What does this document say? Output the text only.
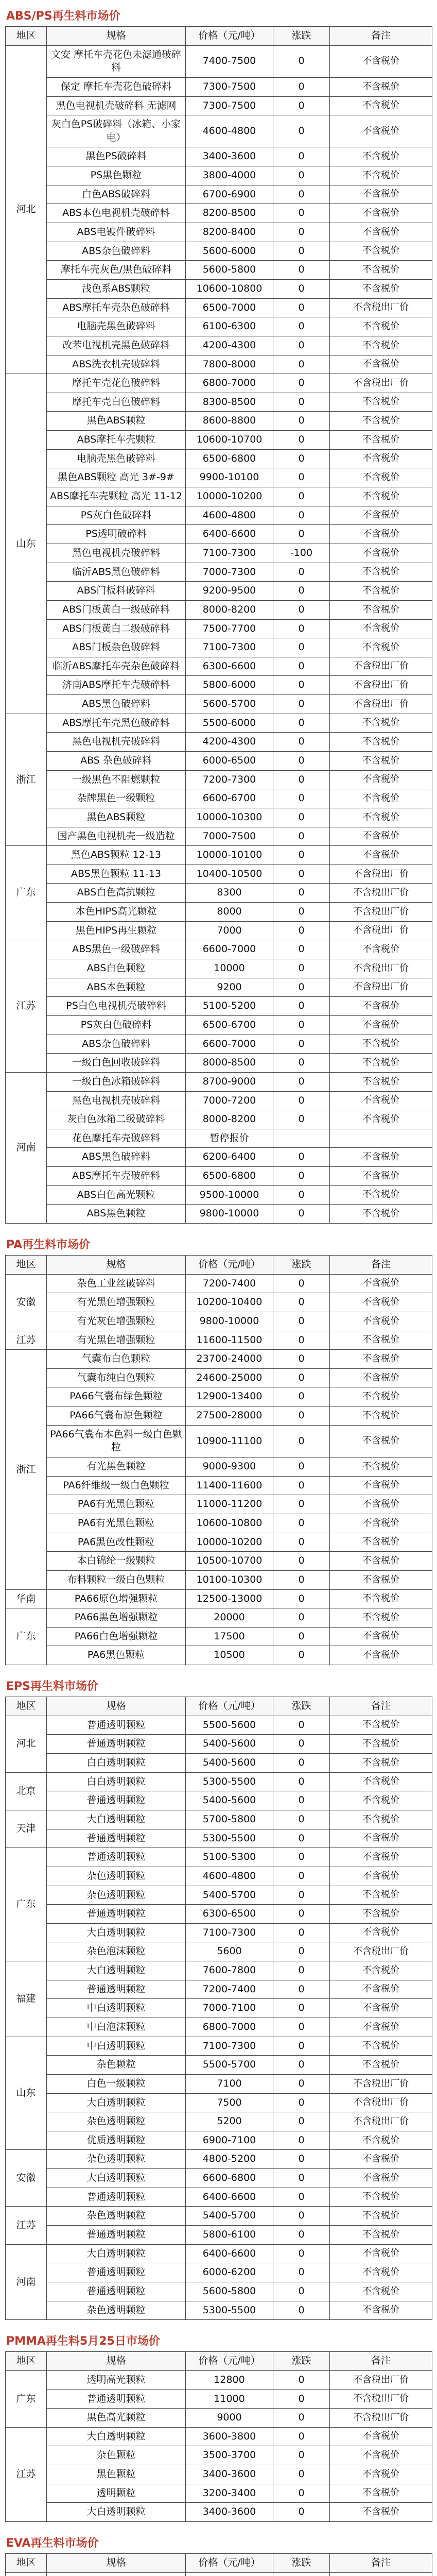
ABS/PS再生料市场价
地区	规格	价格（元/吨）	涨跌	备注
河北	文安 摩托车壳花色未滤通破碎料	7400-7500	0	不含税价
	保定 摩托车壳花色破碎料	7300-7500	0	不含税价
	黑色电视机壳破碎料 无滤网	7300-7500	0	不含税价
	灰白色PS破碎料（冰箱、小家电）	4600-4800	0	不含税价
	黑色PS破碎料	3400-3600	0	不含税价
	PS黑色颗粒	3800-4000	0	不含税价
	白色ABS破碎料	6700-6900	0	不含税价
	ABS本色电视机壳破碎料	8200-8500	0	不含税价
	ABS电镀件破碎料	8200-8400	0	不含税价
	ABS杂色破碎料	5600-6000	0	不含税价
	摩托车壳灰色/黑色破碎料	5600-5800	0	不含税价
	浅色系ABS颗粒	10600-10800	0	不含税价
	ABS摩托车壳杂色破碎料	6500-7000	0	不含税出厂价
	电脑壳黑色破碎料	6100-6300	0	不含税价
	改苯电视机壳黑色破碎料	4200-4300	0	不含税价
	ABS洗衣机壳破碎料	7800-8000	0	不含税价
山东	摩托车壳花色破碎料	6800-7000	0	不含税出厂价
	摩托车壳白色破碎料	8300-8500	0	不含税价
	黑色ABS颗粒	8600-8800	0	不含税价
	ABS摩托车壳颗粒	10600-10700	0	不含税价
	电脑壳黑色破碎料	6500-6800	0	不含税价
	黑色ABS颗粒 高光 3#-9#	9900-10100	0	不含税价
	ABS摩托车壳颗粒 高光 11-12	10000-10200	0	不含税价
	PS灰白色破碎料	4600-4800	0	不含税价
	PS透明破碎料	6400-6600	0	不含税价
	黑色电视机壳破碎料	7100-7300	-100	不含税价
	临沂ABS黑色破碎料	7000-7300	0	不含税价
	ABS门板料破碎料	9200-9500	0	不含税价
	ABS门板黄白一级破碎料	8000-8200	0	不含税价
	ABS门板黄白二级破碎料	7500-7700	0	不含税价
	ABS门板杂色破碎料	7100-7300	0	不含税价
	临沂ABS摩托车壳杂色破碎料	6300-6600	0	不含税出厂价
	济南ABS摩托车壳破碎料	5800-6000	0	不含税出厂价
	ABS黑色破碎料	5600-5700	0	不含税出厂价
浙江	ABS摩托车壳黑色破碎料	5500-6000	0	不含税价
	黑色电视机壳破碎料	4200-4300	0	不含税价
	ABS 杂色破碎料	6000-6500	0	不含税价
	一级黑色不阻燃颗粒	7200-7300	0	不含税价
	杂牌黑色一级颗粒	6600-6700	0	不含税价
	黑色ABS颗粒	10000-10300	0	不含税价
	国产黑色电视机壳一级造粒	7000-7500	0	不含税价
广东	黑色ABS颗粒 12-13	10000-10100	0	不含税价
	ABS黑色颗粒 11-13	10400-10500	0	不含税出厂价
	ABS白色高抗颗粒	8300	0	不含税出厂价
	本色HIPS高光颗粒	8000	0	不含税出厂价
	黑色HIPS再生颗粒	7000	0	不含税出厂价
江苏	ABS黑色一级破碎料	6600-7000	0	不含税价
	ABS白色颗粒	10000	0	不含税出厂价
	ABS本色颗粒	9200	0	不含税出厂价
	PS白色电视机壳破碎料	5100-5200	0	不含税价
	PS灰白色破碎料	6500-6700	0	不含税价
	ABS杂色破碎料	6600-7000	0	不含税价
	一级白色回收破碎料	8000-8500	0	不含税价
河南	一级白色冰箱破碎料	8700-9000	0	不含税价
	黑色电视机壳破碎料	7000-7200	0	不含税价
	灰白色冰箱二级破碎料	8000-8200	0	不含税价
	花色摩托车壳破碎料	暂停报价		
	ABS黑色破碎料	6200-6400	0	不含税价
	ABS摩托车壳破碎料	6500-6800	0	不含税价
	ABS白色高光颗粒	9500-10000	0	不含税价
	ABS黑色颗粒	9800-10000	0	不含税价
PA再生料市场价
地区	规格	价格（元/吨）	涨跌	备注
安徽	杂色工业丝破碎料	7200-7400	0	不含税价
	有光黑色增强颗粒	10200-10400	0	不含税价
	有光灰色增强颗粒	9800-10000	0	不含税价
江苏	有光黑色增强颗粒	11600-11500	0	不含税价
浙江	气囊布白色颗粒	23700-24000	0	不含税价
	气囊布纯白色颗粒	24600-25000	0	不含税价
	PA66气囊布绿色颗粒	12900-13400	0	不含税价
	PA66气囊布原色颗粒	27500-28000	0	不含税价
	PA66气囊布本色料一级白色颗粒	10900-11100	0	不含税价
	有光黑色颗粒	9000-9300	0	不含税价
	PA6纤维级一级白色颗粒	11400-11600	0	不含税价
	PA6有光黑色颗粒	11000-11200	0	不含税价
	PA6有光黑色颗粒	10600-10800	0	不含税价
	PA6黑色改性颗粒	10000-10200	0	不含税价
	本白锦纶一级颗粒	10500-10700	0	不含税价
	布料颗粒一级白色颗粒	10100-10300	0	不含税价
华南	PA66原色增强颗粒	12500-13000	0	不含税价
广东	PA66黑色增强颗粒	20000	0	不含税价
	PA66白色增强颗粒	17500	0	不含税价
	PA6黑色颗粒	10500	0	不含税价
EPS再生料市场价
地区	规格	价格（元/吨）	涨跌	备注
河北	普通透明颗粒	5500-5600	0	不含税价
	普通透明颗粒	5400-5600	0	不含税价
	白白透明颗粒	5400-5600	0	不含税价
北京	白白透明颗粒	5300-5500	0	不含税价
	普通透明颗粒	5400-5600	0	不含税价
天津	大白透明颗粒	5700-5800	0	不含税价
	普通透明颗粒	5300-5500	0	不含税价
广东	普通透明颗粒	5100-5300	0	不含税价
	杂色透明颗粒	4600-4800	0	不含税价
	杂色透明颗粒	5400-5700	0	不含税价
	普通透明颗粒	6300-6500	0	不含税价
	大白透明颗粒	7100-7300	0	不含税价
	杂色泡沫颗粒	5600	0	不含税出厂价
福建	大白透明颗粒	7600-7800	0	不含税价
	普通透明颗粒	7200-7400	0	不含税价
	中白透明颗粒	7000-7100	0	不含税价
	中白泡沫颗粒	6800-7000	0	不含税价
山东	中白透明颗粒	7100-7300	0	不含税价
	杂色颗粒	5500-5700	0	不含税价
	白色一级颗粒	7100	0	不含税出厂价
	大白透明颗粒	7500	0	不含税出厂价
	杂色透明颗粒	5200	0	不含税出厂价
	优质透明颗粒	6900-7100	0	不含税价
安徽	杂色透明颗粒	4800-5200	0	不含税价
	大白透明颗粒	6600-6800	0	不含税价
	普通透明颗粒	6400-6600	0	不含税价
江苏	杂色透明颗粒	5400-5700	0	不含税价
	普通透明颗粒	5800-6100	0	不含税价
河南	大白透明颗粒	6400-6600	0	不含税价
	普通透明颗粒	6000-6200	0	不含税价
	普通透明颗粒	5600-5800	0	不含税价
	杂色透明颗粒	5300-5500	0	不含税价
PMMA再生料5月25日市场价
地区	规格	价格（元/吨）	涨跌	备注
广东	透明高光颗粒	12800	0	不含税出厂价
	普通透明颗粒	11000	0	不含税出厂价
	黑色高光颗粒	9000	0	不含税出厂价
江苏	大白透明颗粒	3600-3800	0	不含税价
	杂色颗粒	3500-3700	0	不含税价
	黑色颗粒	3400-3600	0	不含税价
	透明颗粒	3200-3400	0	不含税价
	大白透明颗粒	3400-3600	0	不含税价
EVA再生料市场价
地区	规格	价格（元/吨）	涨跌	备注
